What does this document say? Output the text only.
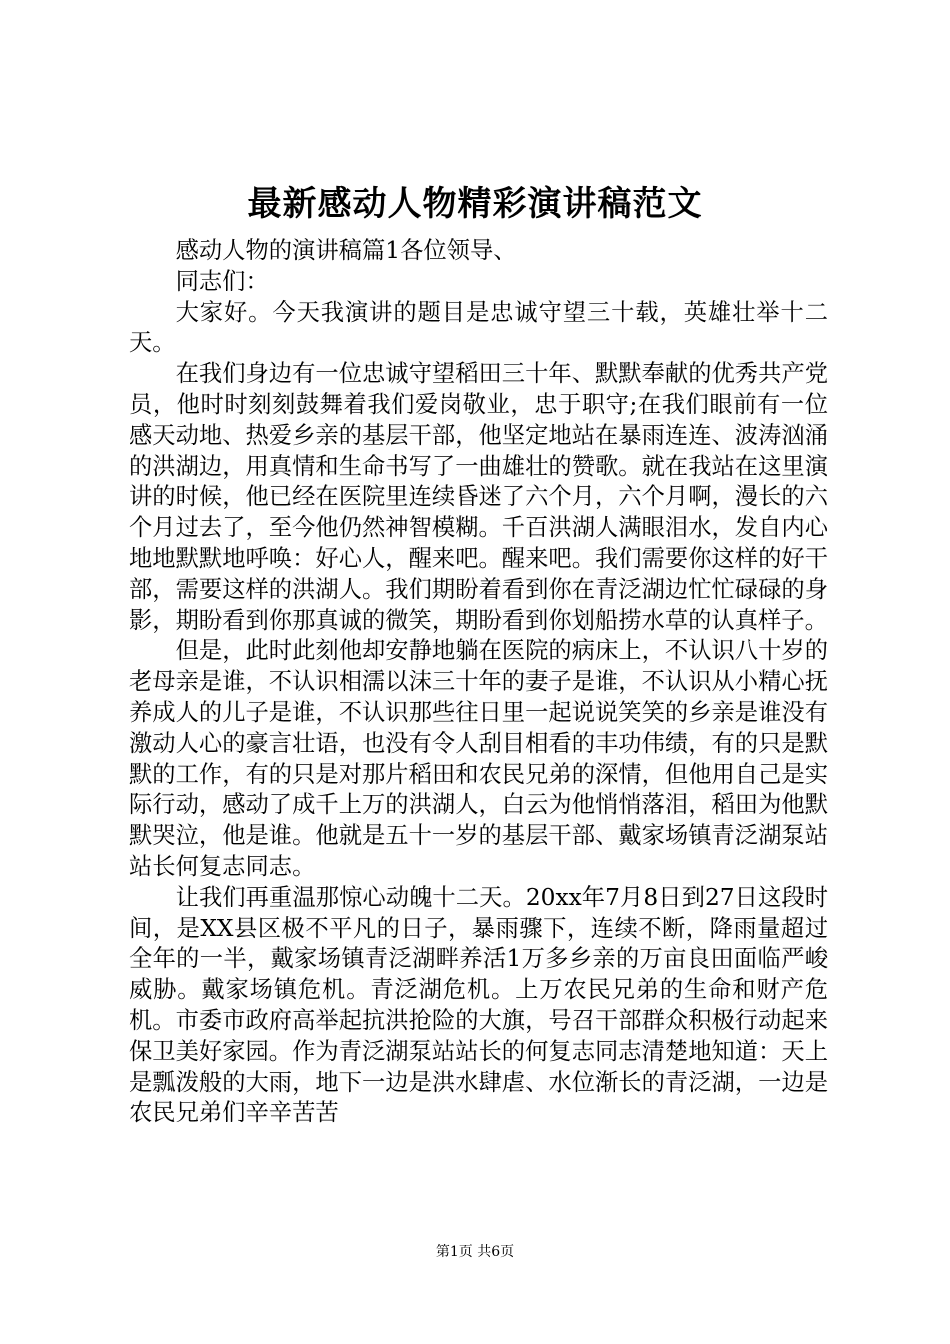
最新感动人物精彩演讲稿范文

感动人物的演讲稿篇1各位领导、

同志们：

大家好。今天我演讲的题目是忠诚守望三十载，英雄壮举十二天。

在我们身边有一位忠诚守望稻田三十年、默默奉献的优秀共产党员，他时时刻刻鼓舞着我们爱岗敬业，忠于职守;在我们眼前有一位感天动地、热爱乡亲的基层干部，他坚定地站在暴雨连连、波涛汹涌的洪湖边，用真情和生命书写了一曲雄壮的赞歌。就在我站在这里演讲的时候，他已经在医院里连续昏迷了六个月，六个月啊，漫长的六个月过去了，至今他仍然神智模糊。千百洪湖人满眼泪水，发自内心地地默默地呼唤：好心人，醒来吧。醒来吧。我们需要你这样的好干部，需要这样的洪湖人。我们期盼着看到你在青泛湖边忙忙碌碌的身影，期盼看到你那真诚的微笑，期盼看到你划船捞水草的认真样子。

但是，此时此刻他却安静地躺在医院的病床上，不认识八十岁的老母亲是谁，不认识相濡以沫三十年的妻子是谁，不认识从小精心抚养成人的儿子是谁，不认识那些往日里一起说说笑笑的乡亲是谁没有激动人心的豪言壮语，也没有令人刮目相看的丰功伟绩，有的只是默默的工作，有的只是对那片稻田和农民兄弟的深情，但他用自己是实际行动，感动了成千上万的洪湖人，白云为他悄悄落泪，稻田为他默默哭泣，他是谁。他就是五十一岁的基层干部、戴家场镇青泛湖泵站站长何复志同志。

让我们再重温那惊心动魄十二天。20xx年7月8日到27日这段时间，是XX县区极不平凡的日子，暴雨骤下，连续不断，降雨量超过全年的一半，戴家场镇青泛湖畔养活1万多乡亲的万亩良田面临严峻威胁。戴家场镇危机。青泛湖危机。上万农民兄弟的生命和财产危机。市委市政府高举起抗洪抢险的大旗，号召干部群众积极行动起来保卫美好家园。作为青泛湖泵站站长的何复志同志清楚地知道：天上是瓢泼般的大雨，地下一边是洪水肆虐、水位渐长的青泛湖，一边是农民兄弟们辛辛苦苦

第1页 共6页
